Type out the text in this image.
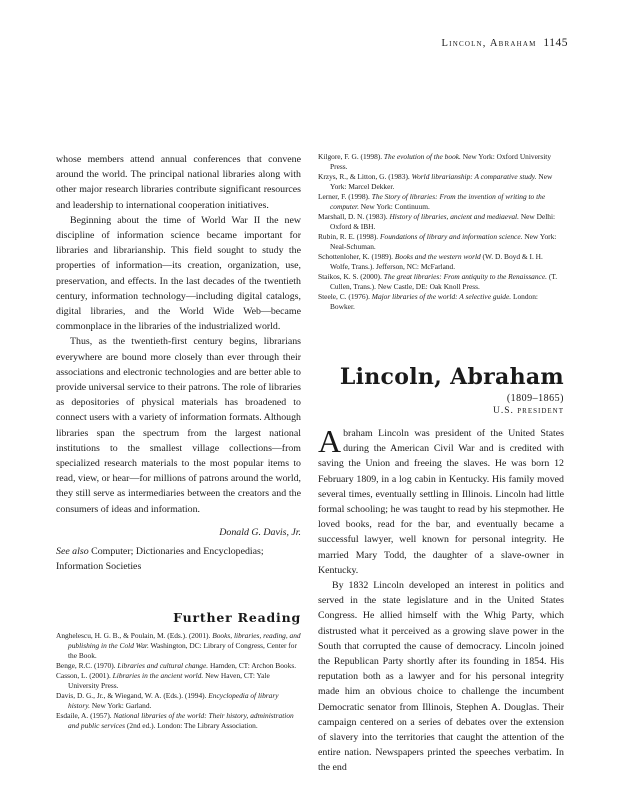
Lincoln, Abraham 1145

whose members attend annual conferences that convene around the world. The principal national libraries along with other major research libraries contribute significant resources and leadership to international cooperation initiatives.

Beginning about the time of World War II the new discipline of information science became important for libraries and librarianship. This field sought to study the properties of information—its creation, organization, use, preservation, and effects. In the last decades of the twentieth century, information technology—including digital catalogs, digital libraries, and the World Wide Web—became commonplace in the libraries of the industrialized world.

Thus, as the twentieth-first century begins, librarians everywhere are bound more closely than ever through their associations and electronic technologies and are better able to provide universal service to their patrons. The role of libraries as depositories of physical materials has broadened to connect users with a variety of information formats. Although libraries span the spectrum from the largest national institutions to the smallest village collections—from specialized research materials to the most popular items to read, view, or hear—for millions of patrons around the world, they still serve as intermediaries between the creators and the consumers of ideas and information.

Donald G. Davis, Jr.

See also Computer; Dictionaries and Encyclopedias; Information Societies

Further Reading

Anghelescu, H. G. B., & Poulain, M. (Eds.). (2001). Books, libraries, reading, and publishing in the Cold War. Washington, DC: Library of Congress, Center for the Book.

Benge, R.C. (1970). Libraries and cultural change. Hamden, CT: Archon Books.

Casson, L. (2001). Libraries in the ancient world. New Haven, CT: Yale University Press.

Davis, D. G., Jr., & Wiegand, W. A. (Eds.). (1994). Encyclopedia of library history. New York: Garland.

Esdaile, A. (1957). National libraries of the world: Their history, administration and public services (2nd ed.). London: The Library Association.

Kilgore, F. G. (1998). The evolution of the book. New York: Oxford University Press.

Krzys, R., & Litton, G. (1983). World librarianship: A comparative study. New York: Marcel Dekker.

Lerner, F. (1998). The Story of libraries: From the invention of writing to the computer. New York: Continuum.

Marshall, D. N. (1983). History of libraries, ancient and mediaeval. New Delhi: Oxford & IBH.

Rubin, R. E. (1998). Foundations of library and information science. New York: Neal-Schuman.

Schottenloher, K. (1989). Books and the western world (W. D. Boyd & I. H. Wolfe, Trans.). Jefferson, NC: McFarland.

Staikos, K. S. (2000). The great libraries: From antiquity to the Renaissance. (T. Cullen, Trans.). New Castle, DE: Oak Knoll Press.

Steele, C. (1976). Major libraries of the world: A selective guide. London: Bowker.

Lincoln, Abraham
(1809–1865)
U.S. president

Abraham Lincoln was president of the United States during the American Civil War and is credited with saving the Union and freeing the slaves. He was born 12 February 1809, in a log cabin in Kentucky. His family moved several times, eventually settling in Illinois. Lincoln had little formal schooling; he was taught to read by his stepmother. He loved books, read for the bar, and eventually became a successful lawyer, well known for personal integrity. He married Mary Todd, the daughter of a slave-owner in Kentucky.

By 1832 Lincoln developed an interest in politics and served in the state legislature and in the United States Congress. He allied himself with the Whig Party, which distrusted what it perceived as a growing slave power in the South that corrupted the cause of democracy. Lincoln joined the Republican Party shortly after its founding in 1854. His reputation both as a lawyer and for his personal integrity made him an obvious choice to challenge the incumbent Democratic senator from Illinois, Stephen A. Douglas. Their campaign centered on a series of debates over the extension of slavery into the territories that caught the attention of the entire nation. Newspapers printed the speeches verbatim. In the end
